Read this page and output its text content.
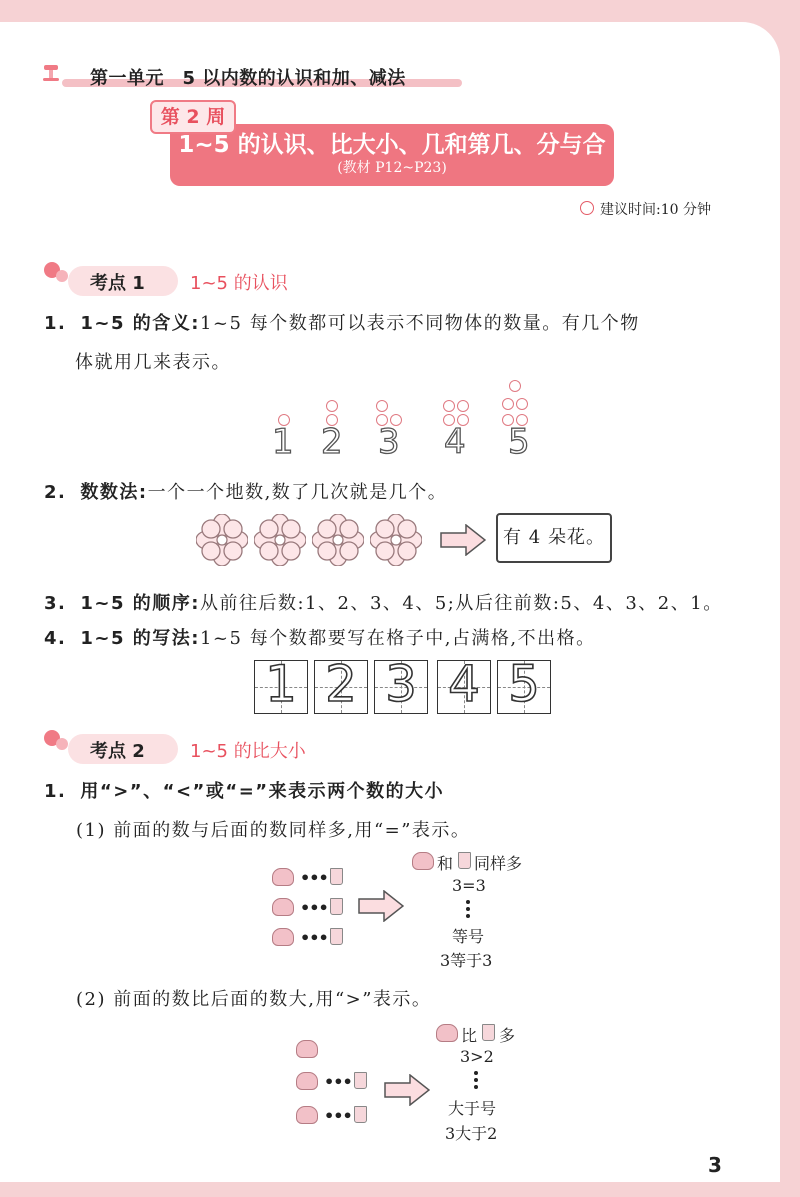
第一单元　5 以内数的认识和加、减法
第 2 周
1~5 的认识、比大小、几和第几、分与合
(教材 P12~P23)
建议时间:10 分钟
考点 1	1~5 的认识
1. 1~5 的含义:1~5 每个数都可以表示不同物体的数量。有几个物
体就用几来表示。
1 2 3 4 5
2. 数数法:一个一个地数,数了几次就是几个。
有 4 朵花。
3. 1~5 的顺序:从前往后数:1、2、3、4、5;从后往前数:5、4、3、2、1。
4. 1~5 的写法:1~5 每个数都要写在格子中,占满格,不出格。
1 2 3 4 5
考点 2	1~5 的比大小
1. 用“>”、“<”或“=”来表示两个数的大小
(1) 前面的数与后面的数同样多,用“=”表示。
•••
•••
•••
和 同样多
3=3
等号
3等于3
(2) 前面的数比后面的数大,用“>”表示。
•••
•••
比 多
3>2
大于号
3大于2
3
